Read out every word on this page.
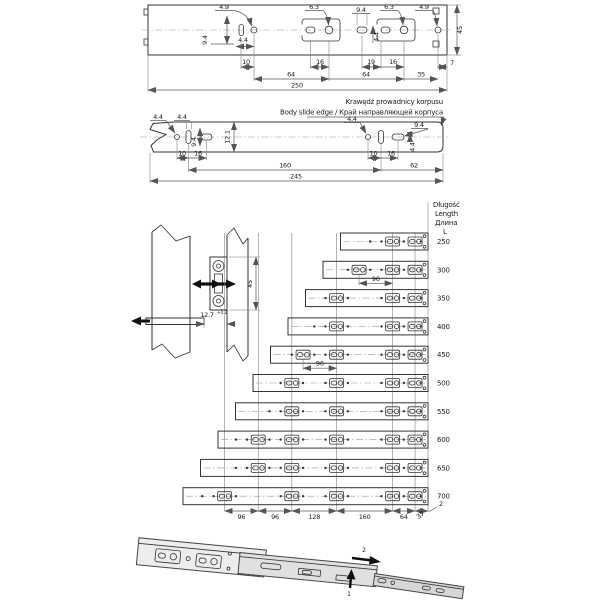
4.9	6.3	9.4	6.3	4.9
4.4
9.4	4.4
10	16	19 16	7
64	64	35
250
45
Krawędź prowadnicy korpusu
Body slide edge / Край направляющей корпуса
4.4 4.4
9.4	12.1
4.4
9.4
4.4
10 16	10 16
160	62
245
45
12.7 +0.2
Długość
Length
Длина
L
250
300
350
400
450
500
550
600
650
700
96
96
96	96	128	160	64 37
2
2
1
